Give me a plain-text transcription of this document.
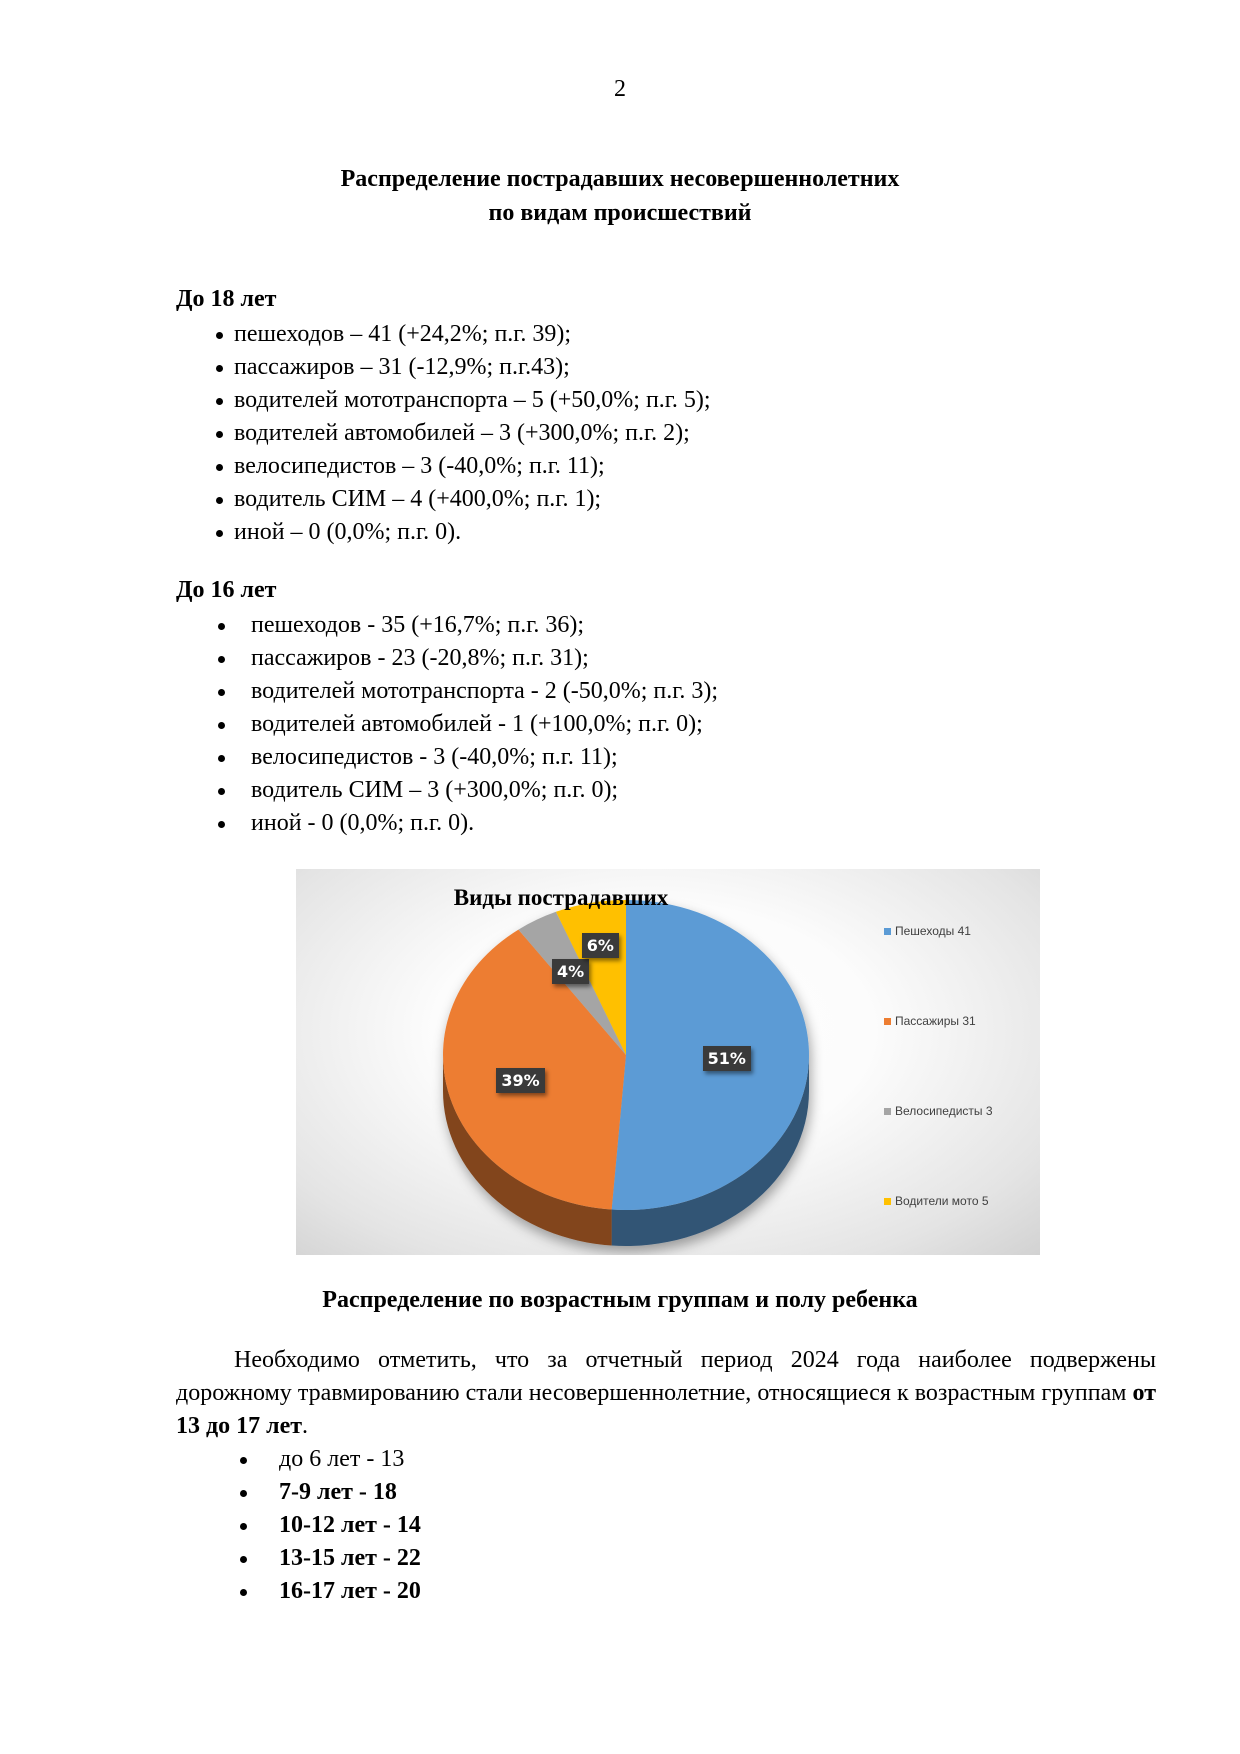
2
Распределение пострадавших несовершеннолетних
по видам происшествий
До 18 лет
пешеходов – 41 (+24,2%; п.г. 39);
пассажиров – 31 (-12,9%; п.г.43);
водителей мототранспорта – 5 (+50,0%; п.г. 5);
водителей автомобилей – 3 (+300,0%; п.г. 2);
велосипедистов – 3 (-40,0%; п.г. 11);
водитель СИМ – 4 (+400,0%; п.г. 1);
иной – 0 (0,0%; п.г. 0).
До 16 лет
пешеходов - 35 (+16,7%; п.г. 36);
пассажиров - 23 (-20,8%; п.г. 31);
водителей мототранспорта - 2 (-50,0%; п.г. 3);
водителей автомобилей - 1 (+100,0%; п.г. 0);
велосипедистов - 3 (-40,0%; п.г. 11);
водитель СИМ – 3 (+300,0%; п.г. 0);
иной - 0 (0,0%; п.г. 0).
Виды пострадавших
Пешеходы 41
Пассажиры 31
Велосипедисты 3
Водители мото 5
51%
39%
4%
6%
Распределение по возрастным группам и полу ребенка
Необходимо отметить, что за отчетный период 2024 года наиболее подвержены дорожному травмированию стали несовершеннолетние, относящиеся к возрастным группам от 13 до 17 лет.
до 6 лет - 13
7-9 лет - 18
10-12 лет - 14
13-15 лет - 22
16-17 лет - 20
